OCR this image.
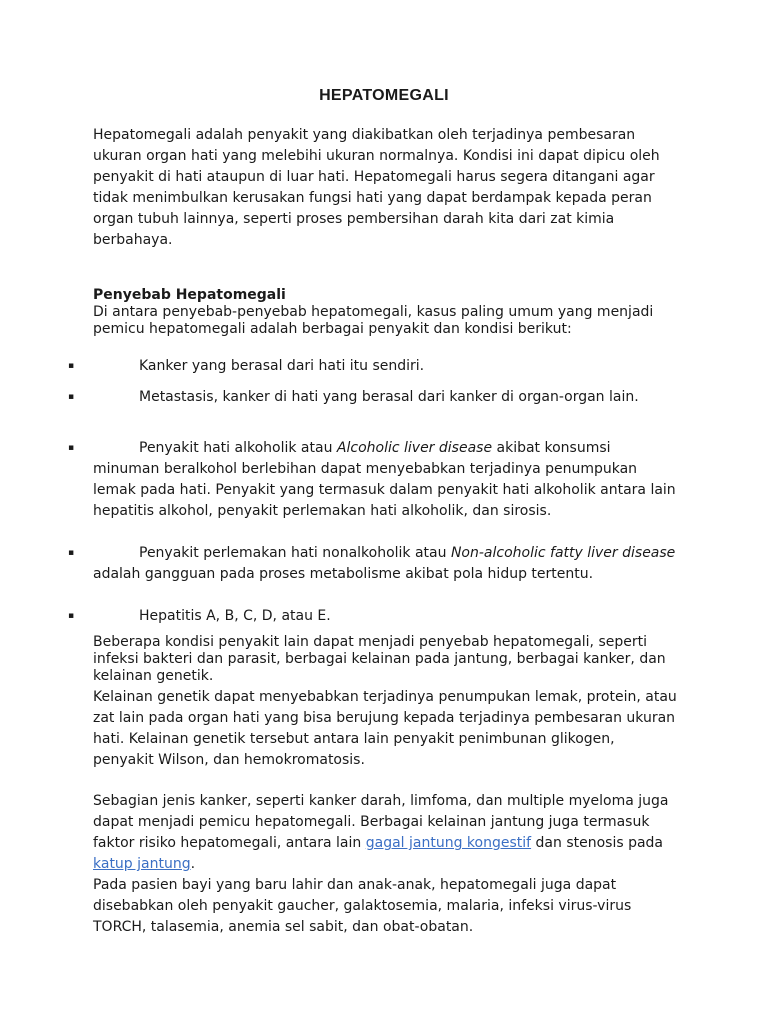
HEPATOMEGALI
Hepatomegali adalah penyakit yang diakibatkan oleh terjadinya pembesaran ukuran organ hati yang melebihi ukuran normalnya. Kondisi ini dapat dipicu oleh penyakit di hati ataupun di luar hati. Hepatomegali harus segera ditangani agar tidak menimbulkan kerusakan fungsi hati yang dapat berdampak kepada peran organ tubuh lainnya, seperti proses pembersihan darah kita dari zat kimia berbahaya.
Penyebab Hepatomegali
Di antara penyebab-penyebab hepatomegali, kasus paling umum yang menjadi pemicu hepatomegali adalah berbagai penyakit dan kondisi berikut:
▪	Kanker yang berasal dari hati itu sendiri.
▪	Metastasis, kanker di hati yang berasal dari kanker di organ-organ lain.
▪	Penyakit hati alkoholik atau Alcoholic liver disease akibat konsumsi minuman beralkohol berlebihan dapat menyebabkan terjadinya penumpukan lemak pada hati. Penyakit yang termasuk dalam penyakit hati alkoholik antara lain hepatitis alkohol, penyakit perlemakan hati alkoholik, dan sirosis.
▪	Penyakit perlemakan hati nonalkoholik atau Non-alcoholic fatty liver disease adalah gangguan pada proses metabolisme akibat pola hidup tertentu.
▪	Hepatitis A, B, C, D, atau E.
Beberapa kondisi penyakit lain dapat menjadi penyebab hepatomegali, seperti infeksi bakteri dan parasit, berbagai kelainan pada jantung, berbagai kanker, dan kelainan genetik.
Kelainan genetik dapat menyebabkan terjadinya penumpukan lemak, protein, atau zat lain pada organ hati yang bisa berujung kepada terjadinya pembesaran ukuran hati. Kelainan genetik tersebut antara lain penyakit penimbunan glikogen, penyakit Wilson, dan hemokromatosis.
Sebagian jenis kanker, seperti kanker darah, limfoma, dan multiple myeloma juga dapat menjadi pemicu hepatomegali. Berbagai kelainan jantung juga termasuk faktor risiko hepatomegali, antara lain gagal jantung kongestif dan stenosis pada katup jantung.
Pada pasien bayi yang baru lahir dan anak-anak, hepatomegali juga dapat disebabkan oleh penyakit gaucher, galaktosemia, malaria, infeksi virus-virus TORCH, talasemia, anemia sel sabit, dan obat-obatan.
